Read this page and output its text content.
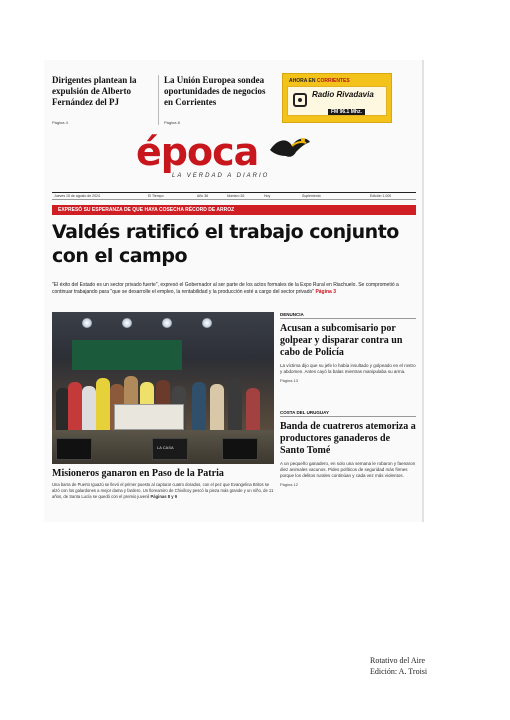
Dirigentes plantean la expulsión de Alberto Fernández del PJ
Página 4
La Unión Europea sondea oportunidades de negocios en Corrientes
Página 8
AHORA EN CORRIENTES
Radio Rivadavia
FM 96.1 Mhz.
época
LA VERDAD A DIARIO
Jueves 15 de agosto de 2024	El Tiempo	Año 36	Número 26	Hoy	Suplemento	Edición 1.000
EXPRESÓ SU ESPERANZA DE QUE HAYA COSECHA RÉCORD DE ARROZ
Valdés ratificó el trabajo conjunto con el campo
"El éxito del Estado es un sector privado fuerte", expresó el Gobernador al ser parte de los actos formales de la Expo Rural en Riachuelo. Se comprometió a continuar trabajando para "que se desarrolle el empleo, la rentabilidad y la producción esté a cargo del sector privado" Página 3
LA CASA
Misioneros ganaron en Paso de la Patria
Una barra de Puerto Iguazú se llevó el primer puesto al capturar cuatro dorados, con el pez que Evangelina Britos se alzó con los galardones a mejor dama y fardero. Un lloreamiro de Chivilcoy pescó la pieza más grande y un niño, de 11 años, de Santa Lucía se quedó con el premio juvenil Páginas 8 y 9
DENUNCIA
Acusan a subcomisario por golpear y disparar contra un cabo de Policía
La víctima dijo que su jefe lo había insultado y golpeado en el rostro y abdomen. Antes cayó la balas mientras manipulaba su arma.
Página 13
COSTA DEL URUGUAY
Banda de cuatreros atemoriza a productores ganaderos de Santo Tomé
A un pequeño ganadero, en solo una semana le robaron y faenaron diez animales vacunos. Pides políticos de seguridad más firmes porque los delitos rurales continúan y cada vez más violentos.
Página 12
Rotativo del Aire
Edición: A. Troisi
